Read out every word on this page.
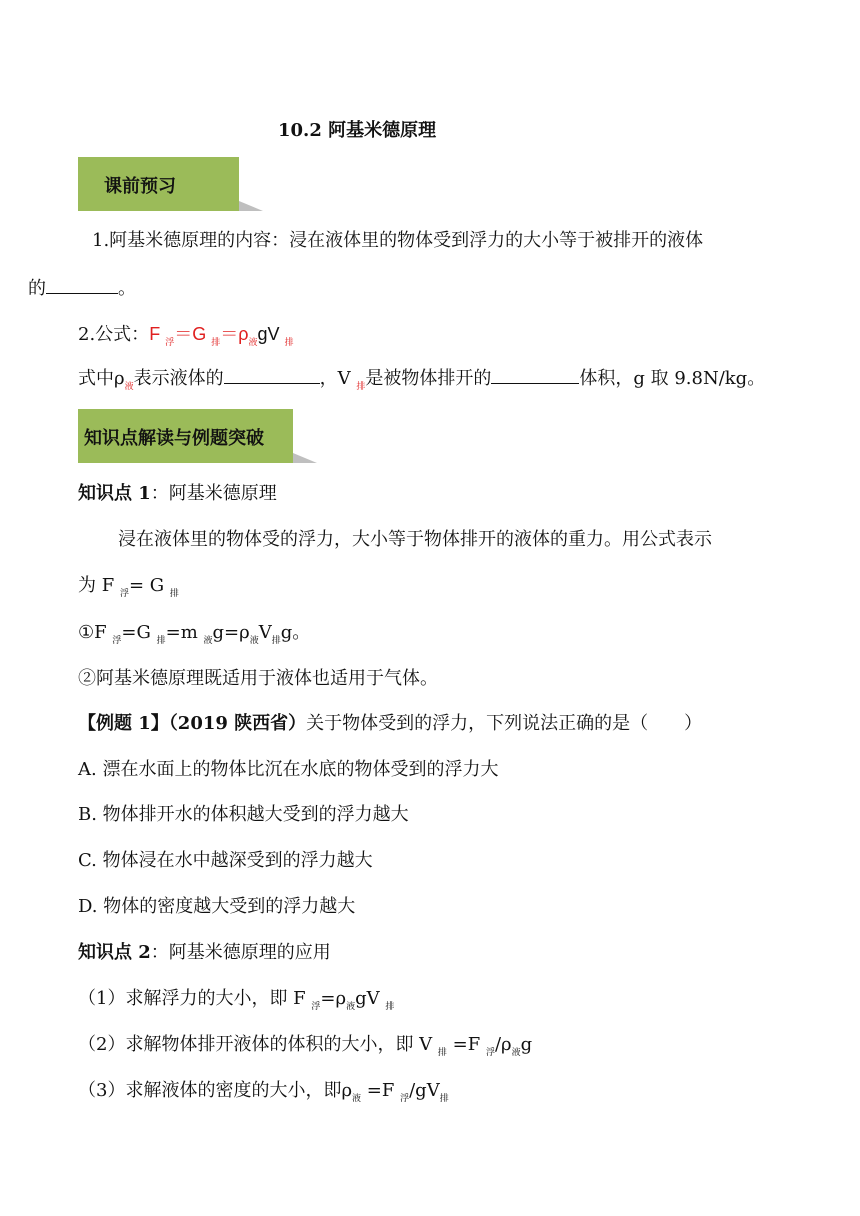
10.2 阿基米德原理
课前预习
1.阿基米德原理的内容：浸在液体里的物体受到浮力的大小等于被排开的液体
的	。
2.公式：F $_浮$＝G $_排=\rho_液gV$ $_排$
式中$\rho_液$表示液体的	，V $_排$是被物体排开的	体积，g 取 9.8N/kg。
知识点解读与例题突破
知识点 1：阿基米德原理
浸在液体里的物体受的浮力，大小等于物体排开的液体的重力。用公式表示
为 F $_浮$= G $_排$
①F $_浮$=G $_排$=m $_液g=\rho_液V_排g$。
②阿基米德原理既适用于液体也适用于气体。
【例题 1】（2019 陕西省）关于物体受到的浮力，下列说法正确的是（　　）
A. 漂在水面上的物体比沉在水底的物体受到的浮力大
B. 物体排开水的体积越大受到的浮力越大
C. 物体浸在水中越深受到的浮力越大
D. 物体的密度越大受到的浮力越大
知识点 2：阿基米德原理的应用
（1）求解浮力的大小，即 F $_浮=\rho_液gV$ $_排$
（2）求解物体排开液体的体积的大小，即 V $_排$ =F $_浮/\rho_液g$
（3）求解液体的密度的大小，即$\rho_液 =F$ $_浮/gV_排$
